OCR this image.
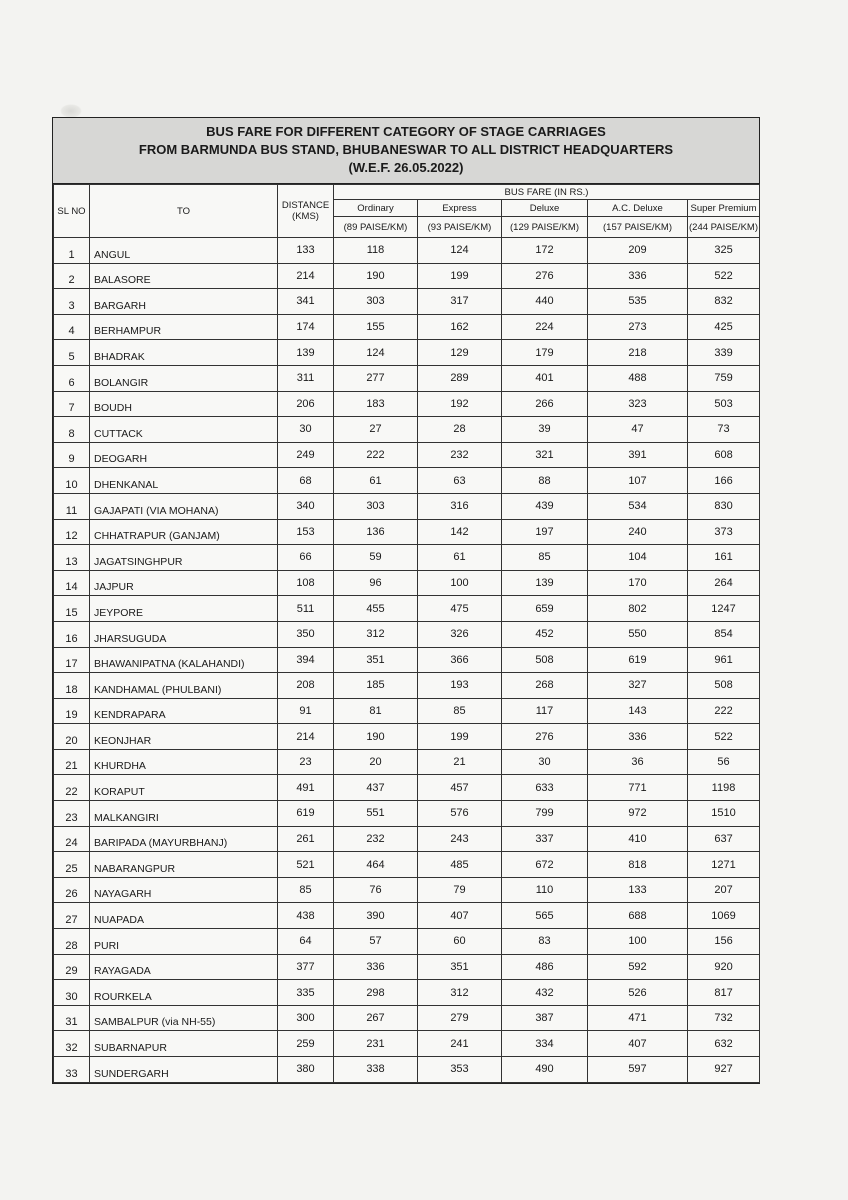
BUS FARE FOR DIFFERENT CATEGORY OF STAGE CARRIAGES
FROM BARMUNDA BUS STAND, BHUBANESWAR TO ALL DISTRICT HEADQUARTERS
(W.E.F. 26.05.2022)
SL NO	TO	DISTANCE
(KMS)	BUS FARE (IN RS.)				
			Ordinary	Express	Deluxe	A.C. Deluxe	Super Premium
			(89 PAISE/KM)	(93 PAISE/KM)	(129 PAISE/KM)	(157 PAISE/KM)	(244 PAISE/KM)
1	ANGUL	133	118	124	172	209	325
2	BALASORE	214	190	199	276	336	522
3	BARGARH	341	303	317	440	535	832
4	BERHAMPUR	174	155	162	224	273	425
5	BHADRAK	139	124	129	179	218	339
6	BOLANGIR	311	277	289	401	488	759
7	BOUDH	206	183	192	266	323	503
8	CUTTACK	30	27	28	39	47	73
9	DEOGARH	249	222	232	321	391	608
10	DHENKANAL	68	61	63	88	107	166
11	GAJAPATI (VIA MOHANA)	340	303	316	439	534	830
12	CHHATRAPUR (GANJAM)	153	136	142	197	240	373
13	JAGATSINGHPUR	66	59	61	85	104	161
14	JAJPUR	108	96	100	139	170	264
15	JEYPORE	511	455	475	659	802	1247
16	JHARSUGUDA	350	312	326	452	550	854
17	BHAWANIPATNA (KALAHANDI)	394	351	366	508	619	961
18	KANDHAMAL (PHULBANI)	208	185	193	268	327	508
19	KENDRAPARA	91	81	85	117	143	222
20	KEONJHAR	214	190	199	276	336	522
21	KHURDHA	23	20	21	30	36	56
22	KORAPUT	491	437	457	633	771	1198
23	MALKANGIRI	619	551	576	799	972	1510
24	BARIPADA (MAYURBHANJ)	261	232	243	337	410	637
25	NABARANGPUR	521	464	485	672	818	1271
26	NAYAGARH	85	76	79	110	133	207
27	NUAPADA	438	390	407	565	688	1069
28	PURI	64	57	60	83	100	156
29	RAYAGADA	377	336	351	486	592	920
30	ROURKELA	335	298	312	432	526	817
31	SAMBALPUR (via NH-55)	300	267	279	387	471	732
32	SUBARNAPUR	259	231	241	334	407	632
33	SUNDERGARH	380	338	353	490	597	927
